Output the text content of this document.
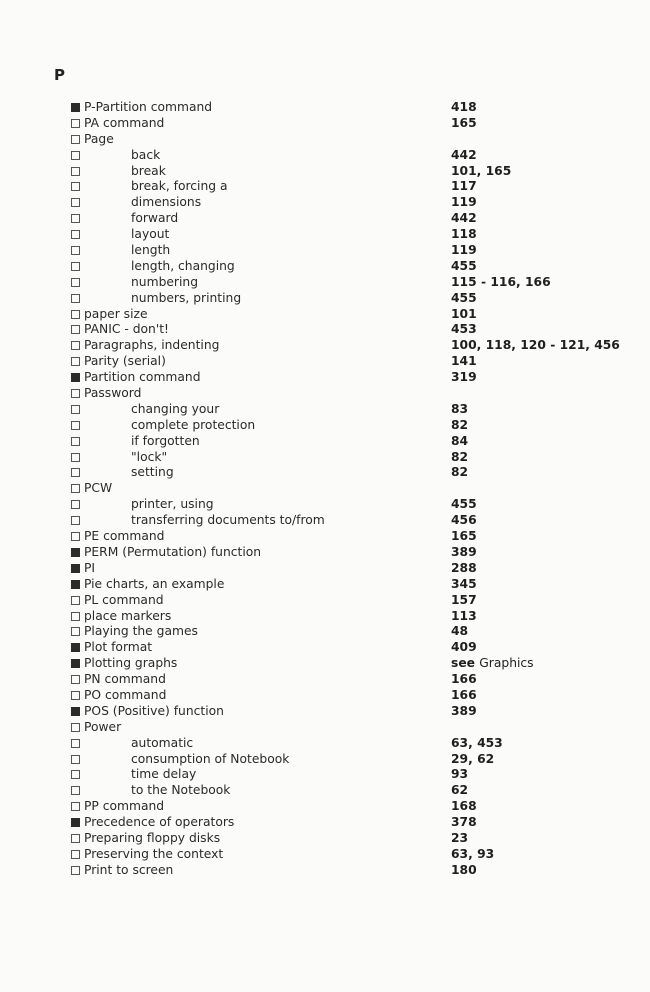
P
P-Partition command	418
PA command	165
Page
back	442
break	101, 165
break, forcing a	117
dimensions	119
forward	442
layout	118
length	119
length, changing	455
numbering	115 - 116, 166
numbers, printing	455
paper size	101
PANIC - don't!	453
Paragraphs, indenting	100, 118, 120 - 121, 456
Parity (serial)	141
Partition command	319
Password
changing your	83
complete protection	82
if forgotten	84
"lock"	82
setting	82
PCW
printer, using	455
transferring documents to/from	456
PE command	165
PERM (Permutation) function	389
PI	288
Pie charts, an example	345
PL command	157
place markers	113
Playing the games	48
Plot format	409
Plotting graphs	see Graphics
PN command	166
PO command	166
POS (Positive) function	389
Power
automatic	63, 453
consumption of Notebook	29, 62
time delay	93
to the Notebook	62
PP command	168
Precedence of operators	378
Preparing floppy disks	23
Preserving the context	63, 93
Print to screen	180
